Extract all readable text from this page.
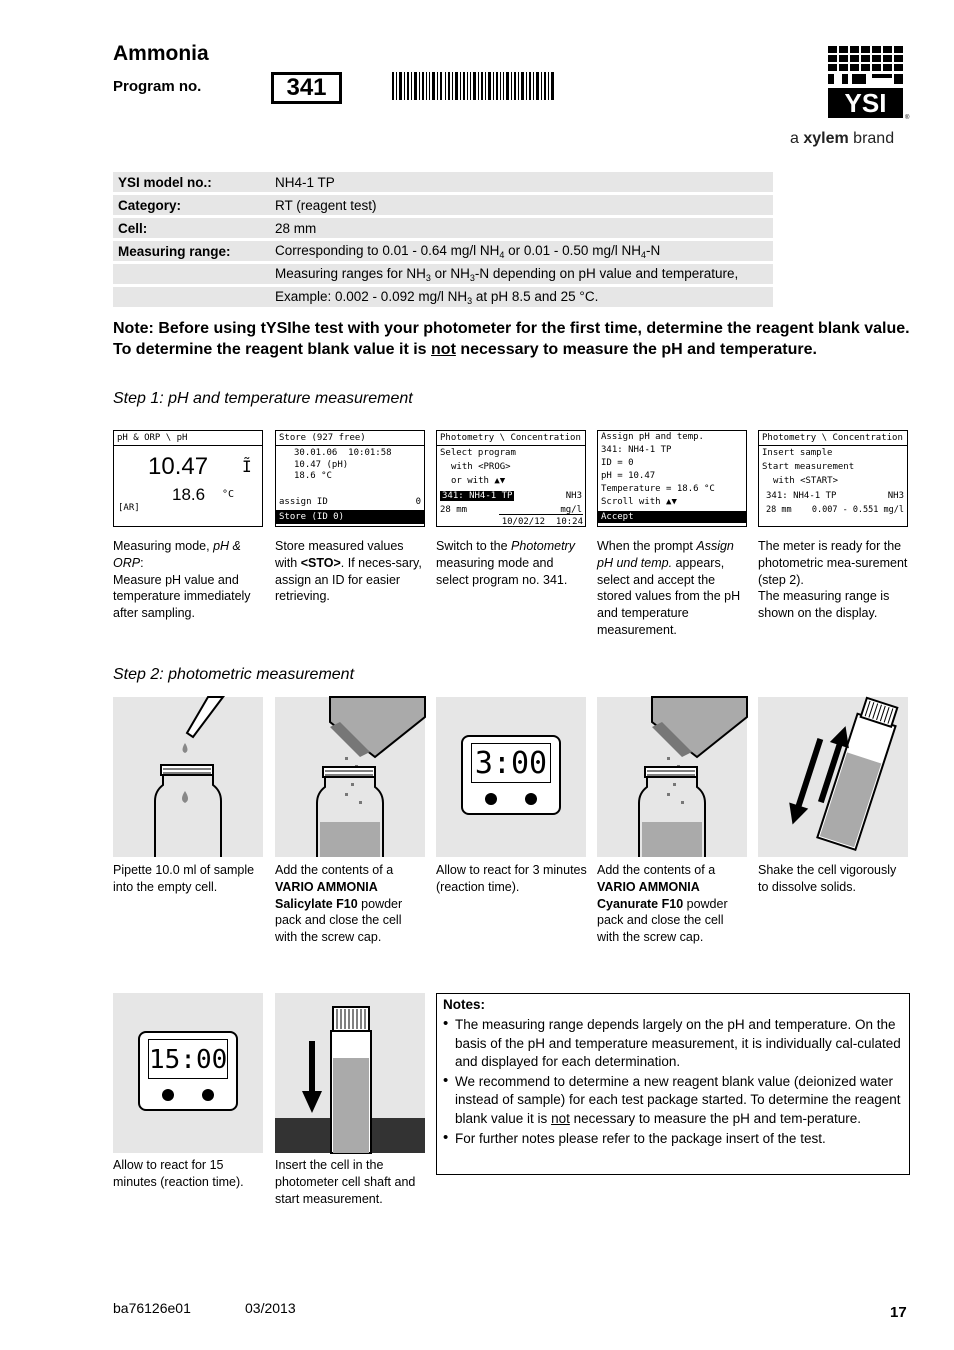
Ammonia
Program no.	341
YSI	®
a xylem brand
YSI model no.:	NH4-1 TP
Category:	RT (reagent test)
Cell:	28 mm
Measuring range:	Corresponding to 0.01 - 0.64 mg/l $NH_4$ or 0.01 - 0.50 mg/l $NH_4-N$
	Measuring ranges for $NH_3$ or $NH_3-N$ depending on pH value and temperature,
	Example: 0.002 - 0.092 mg/l $NH_3$ at pH 8.5 and 25 °C.
Note: Before using tYSIhe test with your photometer for the first time, determine the reagent blank value. To determine the reagent blank value it is not necessary to measure the pH and temperature.
Step 1: pH and temperature measurement
pH & ORP \ pH
10.47 Ĩ
18.6 °C
[AR]
Store (927 free)
30.01.06  10:01:58
10.47 (pH)
18.6 °C
assign ID	0
Store (ID 0)
Photometry \ Concentration
Select program
with <PROG>
or with ▲▼
341: NH4-1 TP	NH3
28 mm	mg/l
10/02/12  10:24
Assign pH and temp.
341: NH4-1 TP
ID = 0
pH = 10.47
Temperature = 18.6 °C
Scroll with ▲▼
Accept
Photometry \ Concentration
Insert sample
Start measurement
with <START>
341: NH4-1 TP	NH3
28 mm 0.007 - 0.551 mg/l
Measuring mode, pH & ORP:
Measure pH value and temperature immediately after sampling.
Store measured values with <STO>. If neces-sary, assign an ID for easier retrieving.
Switch to the Photometry measuring mode and select program no. 341.
When the prompt Assign pH und temp. appears, select and accept the stored values from the pH and temperature measurement.
The meter is ready for the photometric mea-surement (step 2).
The measuring range is shown on the display.
Step 2: photometric measurement
3:00
Pipette 10.0 ml of sample into the empty cell.
Add the contents of a VARIO AMMONIA Salicylate F10 powder pack and close the cell with the screw cap.
Allow to react for 3 minutes (reaction time).
Add the contents of a VARIO AMMONIA Cyanurate F10 powder pack and close the cell with the screw cap.
Shake the cell vigorously to dissolve solids.
15:00
Allow to react for 15 minutes (reaction time).
Insert the cell in the photometer cell shaft and start measurement.
Notes:
• The measuring range depends largely on the pH and temperature. On the basis of the pH and temperature measurement, it is individually cal-culated and displayed for each determination.
• We recommend to determine a new reagent blank value (deionized water instead of sample) for each test package started. To determine the reagent blank value it is not necessary to measure the pH and tem-perature.
• For further notes please refer to the package insert of the test.
ba76126e01	03/2013	17
